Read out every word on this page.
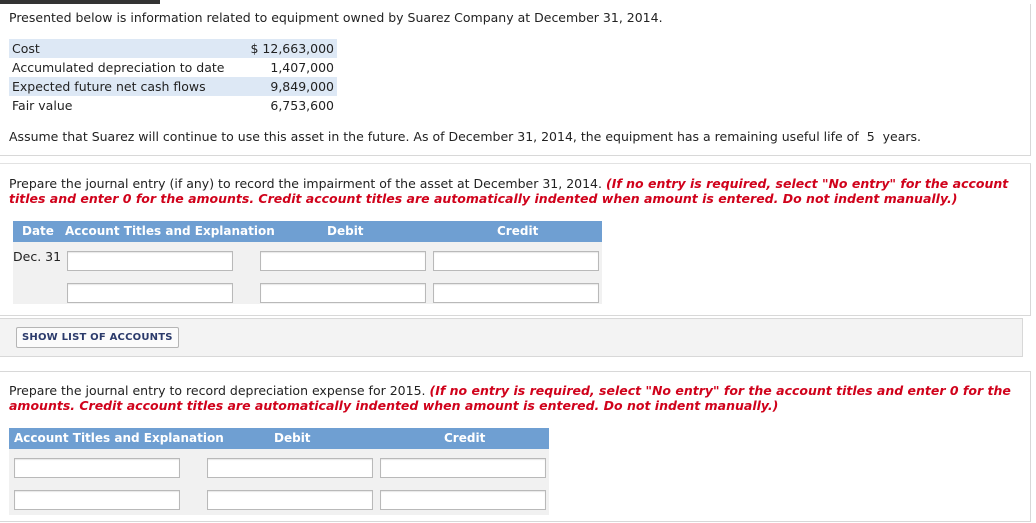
Presented below is information related to equipment owned by Suarez Company at December 31, 2014.
Cost	$ 12,663,000
Accumulated depreciation to date	1,407,000
Expected future net cash flows	9,849,000
Fair value	6,753,600
Assume that Suarez will continue to use this asset in the future. As of December 31, 2014, the equipment has a remaining useful life of 5 years.
Prepare the journal entry (if any) to record the impairment of the asset at December 31, 2014. (If no entry is required, select "No entry" for the account titles and enter 0 for the amounts. Credit account titles are automatically indented when amount is entered. Do not indent manually.)
Date Account Titles and Explanation	Debit	Credit
Dec. 31
SHOW LIST OF ACCOUNTS
Prepare the journal entry to record depreciation expense for 2015. (If no entry is required, select "No entry" for the account titles and enter 0 for the amounts. Credit account titles are automatically indented when amount is entered. Do not indent manually.)
Account Titles and Explanation	Debit	Credit
